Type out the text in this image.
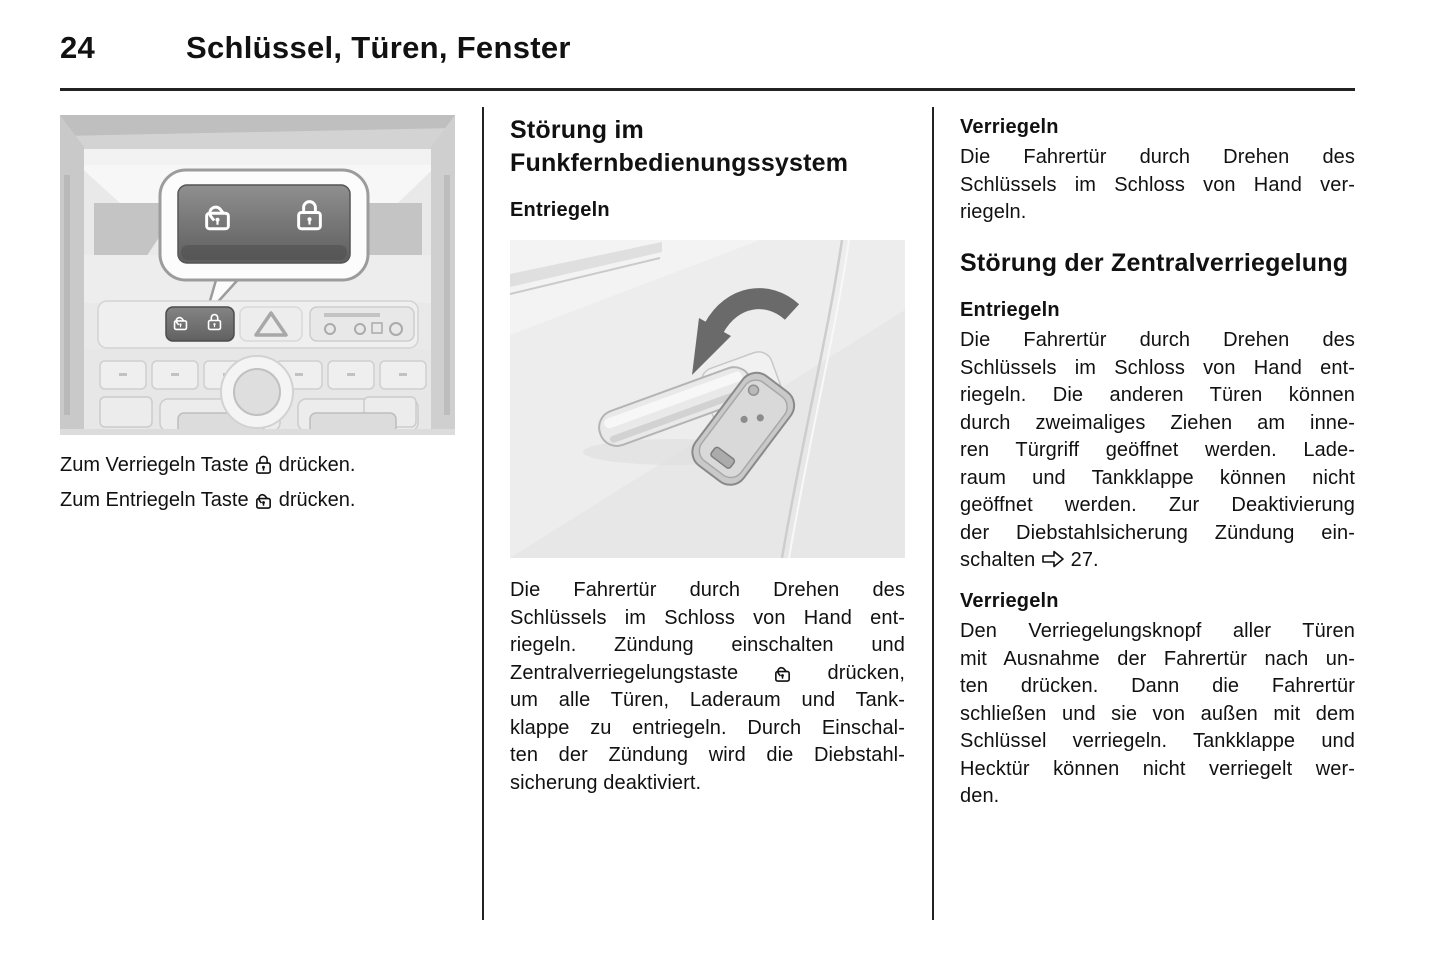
24	Schlüssel, Türen, Fenster
Zum Verriegeln Taste  drücken.
Zum Entriegeln Taste  drücken.
Störung im
Funkfernbedienungssystem
Entriegeln
Die Fahrertür durch Drehen des
Schlüssels im Schloss von Hand ent-
riegeln. Zündung einschalten und
Zentralverriegelungstaste  drücken,
um alle Türen, Laderaum und Tank-
klappe zu entriegeln. Durch Einschal-
ten der Zündung wird die Diebstahl-
sicherung deaktiviert.
Verriegeln
Die Fahrertür durch Drehen des
Schlüssels im Schloss von Hand ver-
riegeln.
Störung der Zentralverriegelung
Entriegeln
Die Fahrertür durch Drehen des
Schlüssels im Schloss von Hand ent-
riegeln. Die anderen Türen können
durch zweimaliges Ziehen am inne-
ren Türgriff geöffnet werden. Lade-
raum und Tankklappe können nicht
geöffnet werden. Zur Deaktivierung
der Diebstahlsicherung Zündung ein-
schalten  27.
Verriegeln
Den Verriegelungsknopf aller Türen
mit Ausnahme der Fahrertür nach un-
ten drücken. Dann die Fahrertür
schließen und sie von außen mit dem
Schlüssel verriegeln. Tankklappe und
Hecktür können nicht verriegelt wer-
den.
